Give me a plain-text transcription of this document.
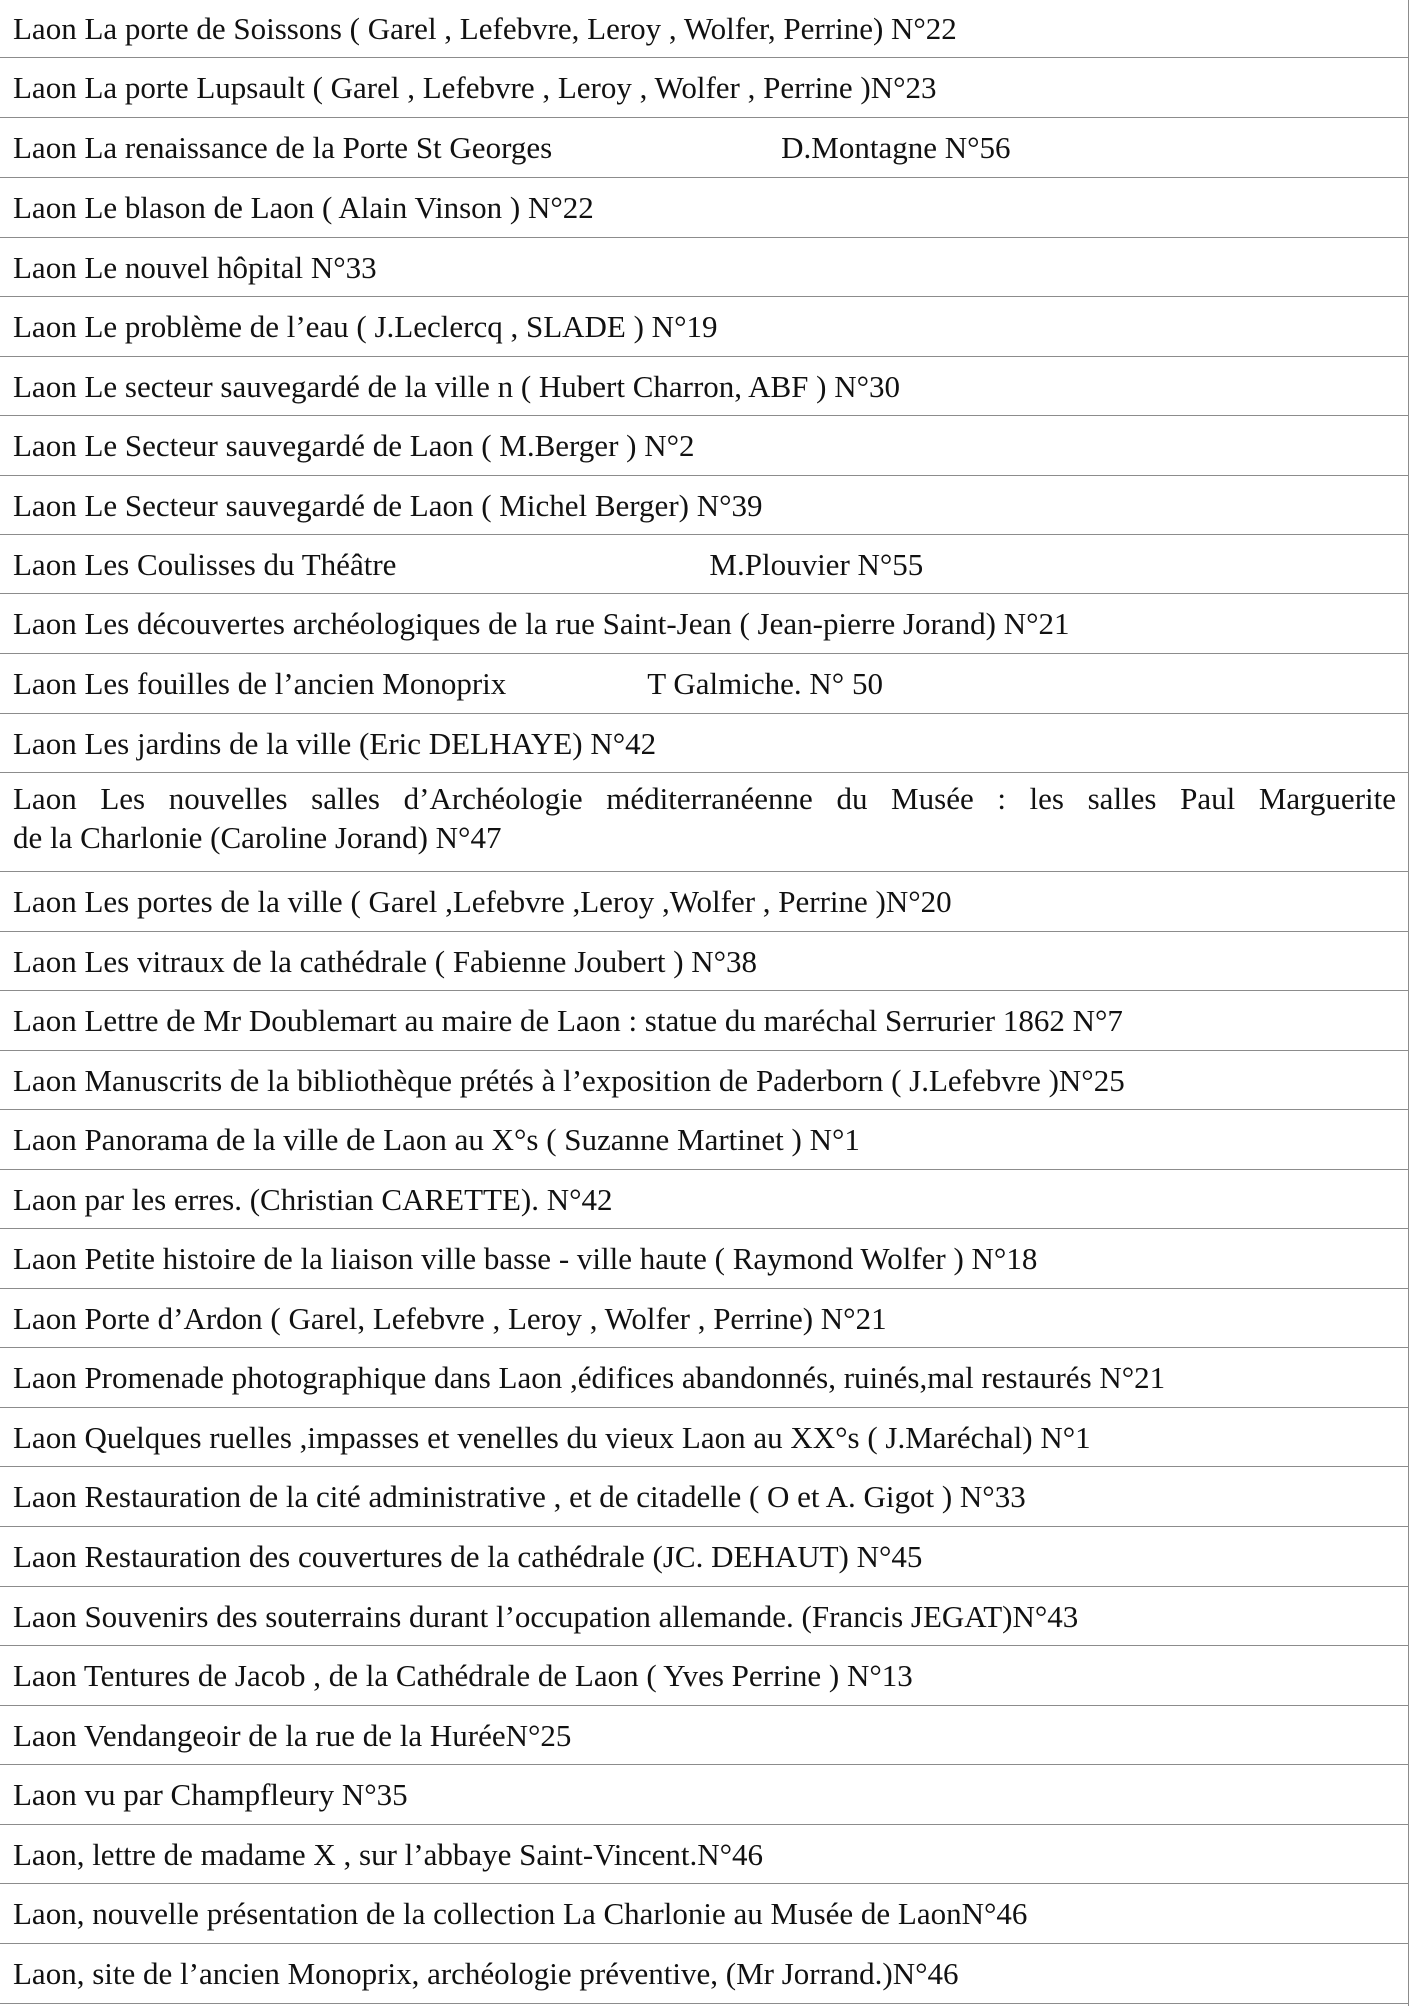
Laon La porte de Soissons ( Garel , Lefebvre, Leroy , Wolfer, Perrine) N°22
Laon La porte Lupsault ( Garel , Lefebvre , Leroy , Wolfer , Perrine )N°23
Laon La renaissance de la Porte St Georges	D.Montagne N°56
Laon Le blason de Laon ( Alain Vinson ) N°22
Laon Le nouvel hôpital N°33
Laon Le problème de l’eau ( J.Leclercq , SLADE ) N°19
Laon Le secteur sauvegardé de la ville n ( Hubert Charron, ABF ) N°30
Laon Le Secteur sauvegardé de Laon ( M.Berger ) N°2
Laon Le Secteur sauvegardé de Laon ( Michel Berger) N°39
Laon Les Coulisses du Théâtre	M.Plouvier N°55
Laon Les découvertes archéologiques de la rue Saint-Jean ( Jean-pierre Jorand) N°21
Laon Les fouilles de l’ancien Monoprix	T Galmiche. N° 50
Laon Les jardins de la ville (Eric DELHAYE) N°42
Laon Les nouvelles salles d’Archéologie méditerranéenne du Musée : les salles Paul Marguerite
de la Charlonie (Caroline Jorand) N°47
Laon Les portes de la ville ( Garel ,Lefebvre ,Leroy ,Wolfer , Perrine )N°20
Laon Les vitraux de la cathédrale ( Fabienne Joubert ) N°38
Laon Lettre de Mr Doublemart au maire de Laon : statue du maréchal Serrurier 1862 N°7
Laon Manuscrits de la bibliothèque prétés à l’exposition de Paderborn ( J.Lefebvre )N°25
Laon Panorama de la ville de Laon au X°s ( Suzanne Martinet ) N°1
Laon par les erres. (Christian CARETTE). N°42
Laon Petite histoire de la liaison ville basse - ville haute ( Raymond Wolfer ) N°18
Laon Porte d’Ardon ( Garel, Lefebvre , Leroy , Wolfer , Perrine) N°21
Laon Promenade photographique dans Laon ,édifices abandonnés, ruinés,mal restaurés N°21
Laon Quelques ruelles ,impasses et venelles du vieux Laon au XX°s ( J.Maréchal) N°1
Laon Restauration de la cité administrative , et de citadelle ( O et A. Gigot ) N°33
Laon Restauration des couvertures de la cathédrale (JC. DEHAUT) N°45
Laon Souvenirs des souterrains durant l’occupation allemande. (Francis JEGAT)N°43
Laon Tentures de Jacob , de la Cathédrale de Laon ( Yves Perrine ) N°13
Laon Vendangeoir de la rue de la HuréeN°25
Laon vu par Champfleury N°35
Laon, lettre de madame X , sur l’abbaye Saint-Vincent.N°46
Laon, nouvelle présentation de la collection La Charlonie au Musée de LaonN°46
Laon, site de l’ancien Monoprix, archéologie préventive, (Mr Jorrand.)N°46
